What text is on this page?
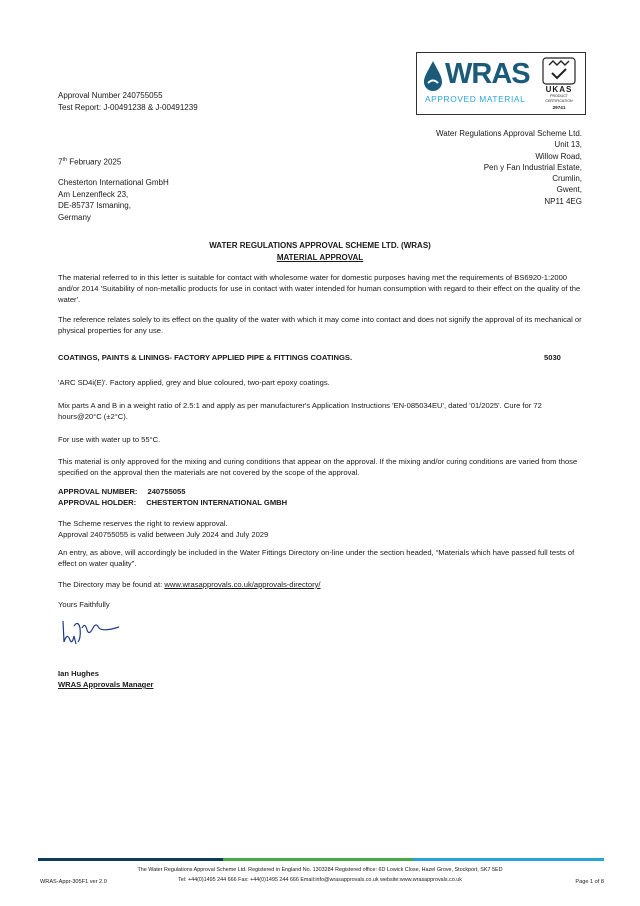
Approval Number 240755055

Test Report: J-00491238 & J-00491239

WRAS
APPROVED MATERIAL
UKAS
PRODUCT
CERTIFICATION
29741

Water Regulations Approval Scheme Ltd.

Unit 13,

Willow Road,

Pen y Fan Industrial Estate,

Crumlin,

Gwent,

NP11 4EG

7th February 2025

Chesterton International GmbH

Am Lenzenfleck 23,

DE-85737 Ismaning,

Germany

WATER REGULATIONS APPROVAL SCHEME LTD. (WRAS)

MATERIAL APPROVAL

The material referred to in this letter is suitable for contact with wholesome water for domestic purposes having met the requirements of BS6920-1:2000 and/or 2014 'Suitability of non-metallic products for use in contact with water intended for human consumption with regard to their effect on the quality of the water'.
The reference relates solely to its effect on the quality of the water with which it may come into contact and does not signify the approval of its mechanical or physical properties for any use.
COATINGS, PAINTS & LININGS- FACTORY APPLIED PIPE & FITTINGS COATINGS.	5030
'ARC SD4i(E)'. Factory applied, grey and blue coloured, two-part epoxy coatings.
Mix parts A and B in a weight ratio of 2.5:1 and apply as per manufacturer's Application Instructions 'EN-085034EU', dated '01/2025'. Cure for 72 hours@20°C (±2°C).
For use with water up to 55°C.
This material is only approved for the mixing and curing conditions that appear on the approval. If the mixing and/or curing conditions are varied from those specified on the approval then the materials are not covered by the scope of the approval.
APPROVAL NUMBER: 240755055
APPROVAL HOLDER: CHESTERTON INTERNATIONAL GMBH

The Scheme reserves the right to review approval.

Approval 240755055 is valid between July 2024 and July 2029

An entry, as above, will accordingly be included in the Water Fittings Directory on-line under the section headed, “Materials which have passed full tests of effect on water quality”.
The Directory may be found at: www.wrasapprovals.co.uk/approvals-directory/
Yours Faithfully
Ian Hughes
WRAS Approvals Manager

The Water Regulations Approval Scheme Ltd. Registered in England No. 1303284 Registered office: 6D Lowick Close, Hazel Grove, Stockport, SK7 5ED

Tel: +44(0)1495 244 666 Fax: +44(0)1495 244 666 Email:info@wrasapprovals.co.uk website:www.wrasapprovals.co.uk

WRAS-Appr-305F1 ver 2.0	Page 1 of 8
